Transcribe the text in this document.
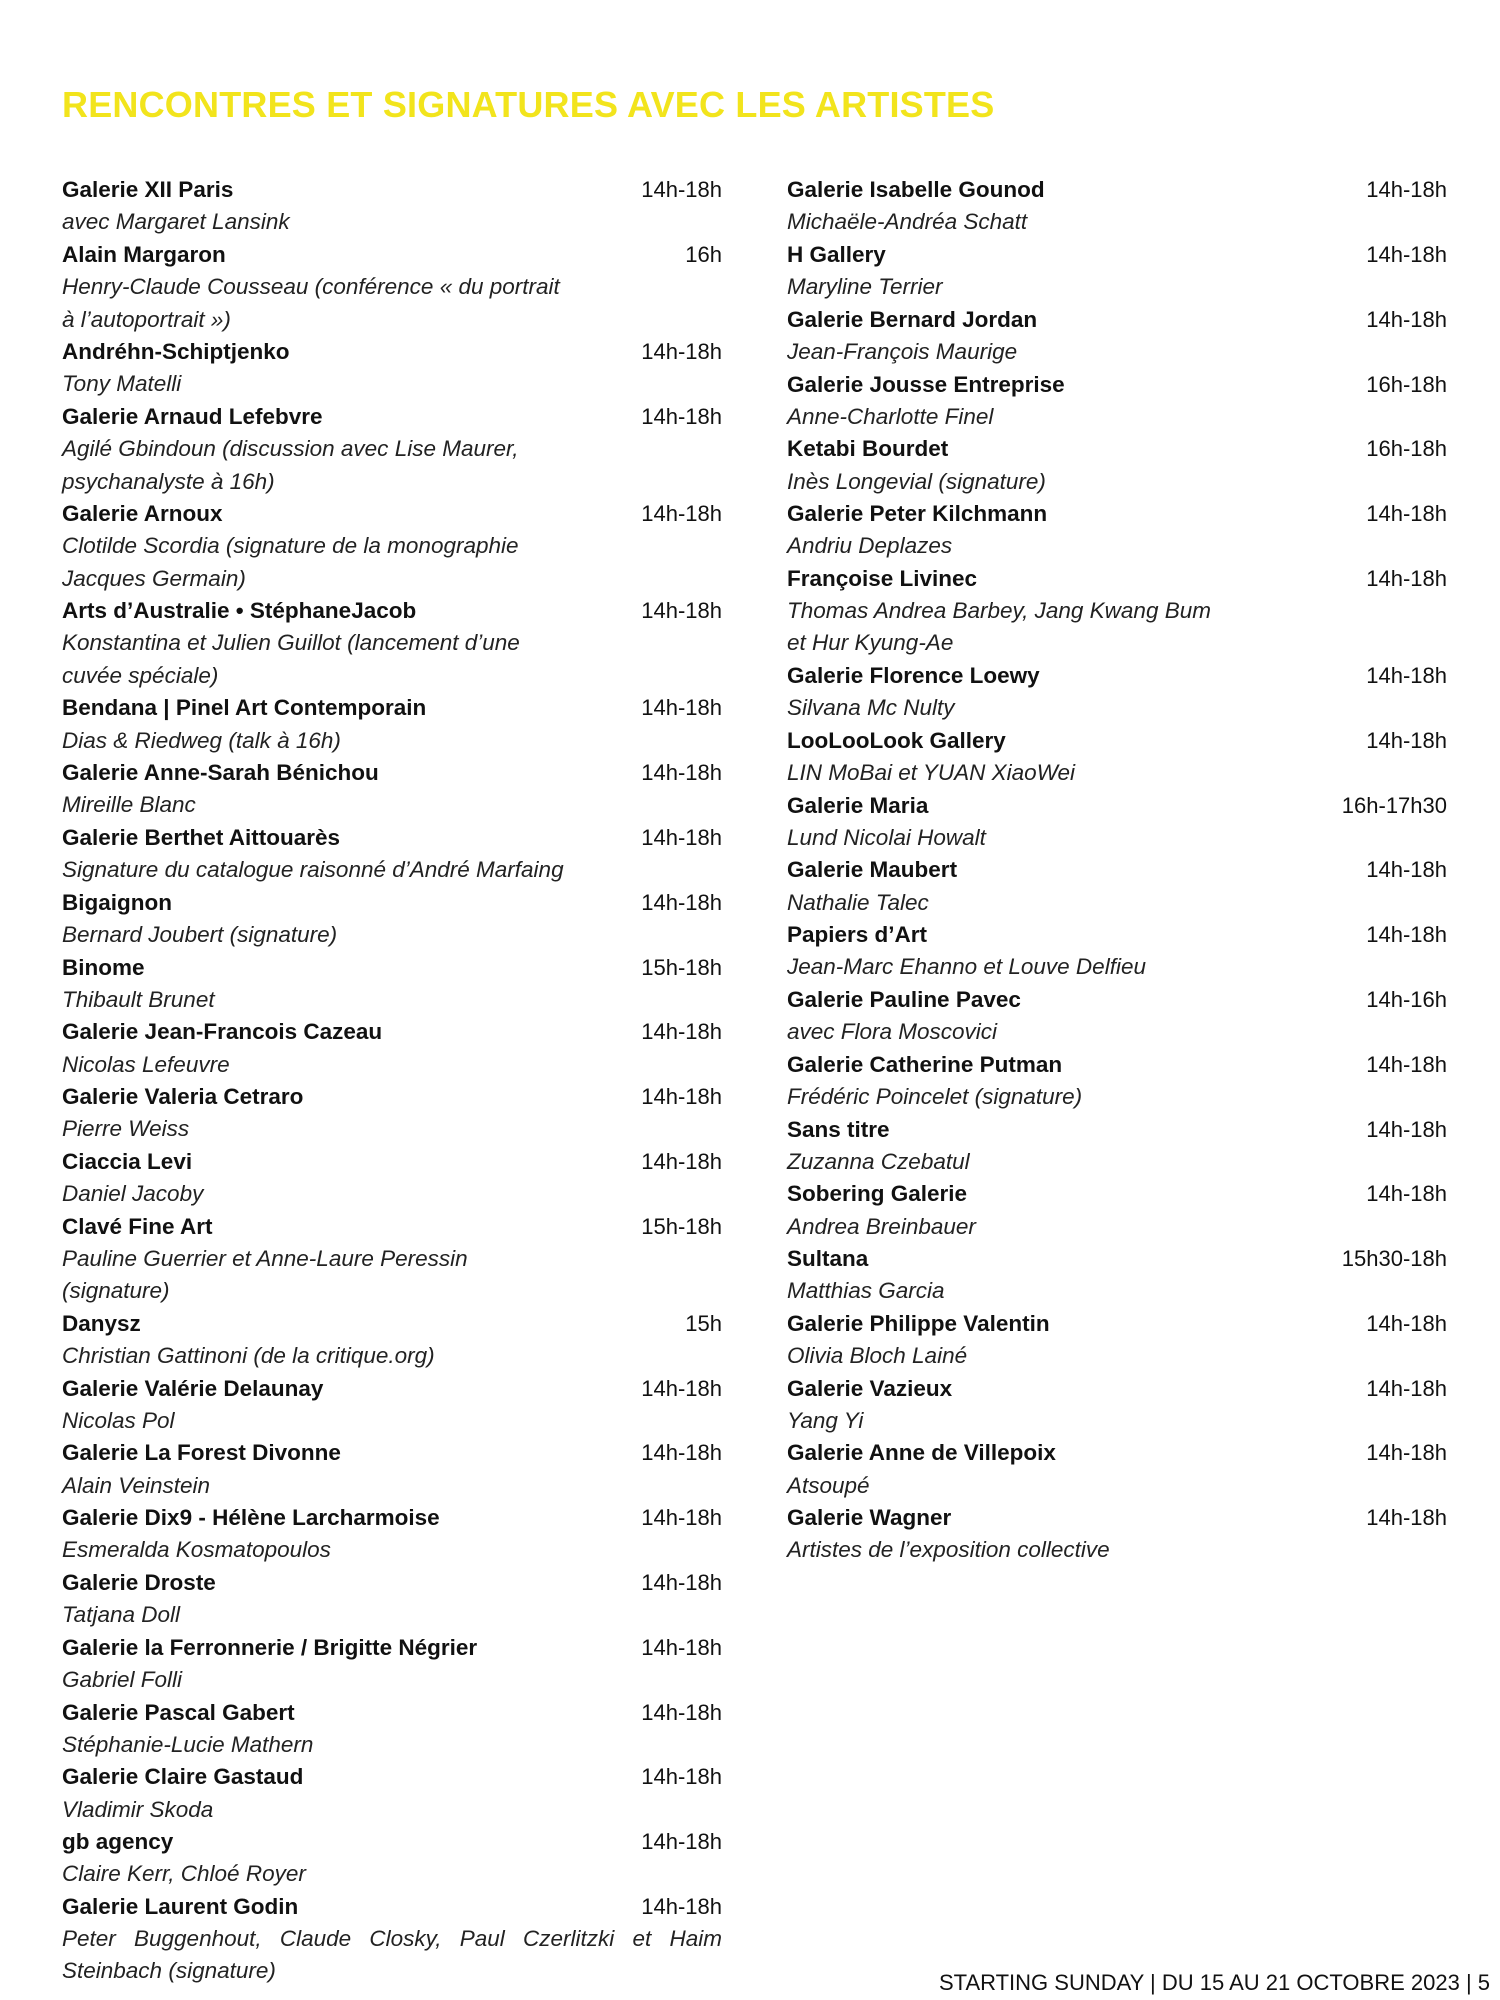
RENCONTRES ET SIGNATURES AVEC LES ARTISTES
Galerie XII Paris	14h-18h
avec Margaret Lansink
Alain Margaron	16h
Henry-Claude Cousseau (conférence « du portrait
à l’autoportrait »)
Andréhn-Schiptjenko	14h-18h
Tony Matelli
Galerie Arnaud Lefebvre	14h-18h
Agilé Gbindoun (discussion avec Lise Maurer,
psychanalyste à 16h)
Galerie Arnoux	14h-18h
Clotilde Scordia (signature de la monographie
Jacques Germain)
Arts d’Australie • StéphaneJacob	14h-18h
Konstantina et Julien Guillot (lancement d’une
cuvée spéciale)
Bendana | Pinel Art Contemporain	14h-18h
Dias & Riedweg (talk à 16h)
Galerie Anne-Sarah Bénichou	14h-18h
Mireille Blanc
Galerie Berthet Aittouarès	14h-18h
Signature du catalogue raisonné d’André Marfaing
Bigaignon	14h-18h
Bernard Joubert (signature)
Binome	15h-18h
Thibault Brunet
Galerie Jean-Francois Cazeau	14h-18h
Nicolas Lefeuvre
Galerie Valeria Cetraro	14h-18h
Pierre Weiss
Ciaccia Levi	14h-18h
Daniel Jacoby
Clavé Fine Art	15h-18h
Pauline Guerrier et Anne-Laure Peressin
(signature)
Danysz	15h
Christian Gattinoni (de la critique.org)
Galerie Valérie Delaunay	14h-18h
Nicolas Pol
Galerie La Forest Divonne	14h-18h
Alain Veinstein
Galerie Dix9 - Hélène Larcharmoise	14h-18h
Esmeralda Kosmatopoulos
Galerie Droste	14h-18h
Tatjana Doll
Galerie la Ferronnerie / Brigitte Négrier	14h-18h
Gabriel Folli
Galerie Pascal Gabert	14h-18h
Stéphanie-Lucie Mathern
Galerie Claire Gastaud	14h-18h
Vladimir Skoda
gb agency	14h-18h
Claire Kerr, Chloé Royer
Galerie Laurent Godin	14h-18h
Peter Buggenhout, Claude Closky, Paul Czerlitzki et Haim
Steinbach (signature)
Galerie Isabelle Gounod	14h-18h
Michaële-Andréa Schatt
H Gallery	14h-18h
Maryline Terrier
Galerie Bernard Jordan	14h-18h
Jean-François Maurige
Galerie Jousse Entreprise	16h-18h
Anne-Charlotte Finel
Ketabi Bourdet	16h-18h
Inès Longevial (signature)
Galerie Peter Kilchmann	14h-18h
Andriu Deplazes
Françoise Livinec	14h-18h
Thomas Andrea Barbey, Jang Kwang Bum
et Hur Kyung-Ae
Galerie Florence Loewy	14h-18h
Silvana Mc Nulty
LooLooLook Gallery	14h-18h
LIN MoBai et YUAN XiaoWei
Galerie Maria	16h-17h30
Lund Nicolai Howalt
Galerie Maubert	14h-18h
Nathalie Talec
Papiers d’Art	14h-18h
Jean-Marc Ehanno et Louve Delfieu
Galerie Pauline Pavec	14h-16h
avec Flora Moscovici
Galerie Catherine Putman	14h-18h
Frédéric Poincelet (signature)
Sans titre	14h-18h
Zuzanna Czebatul
Sobering Galerie	14h-18h
Andrea Breinbauer
Sultana	15h30-18h
Matthias Garcia
Galerie Philippe Valentin	14h-18h
Olivia Bloch Lainé
Galerie Vazieux	14h-18h
Yang Yi
Galerie Anne de Villepoix	14h-18h
Atsoupé
Galerie Wagner	14h-18h
Artistes de l’exposition collective
STARTING SUNDAY | DU 15 AU 21 OCTOBRE 2023 | 5
